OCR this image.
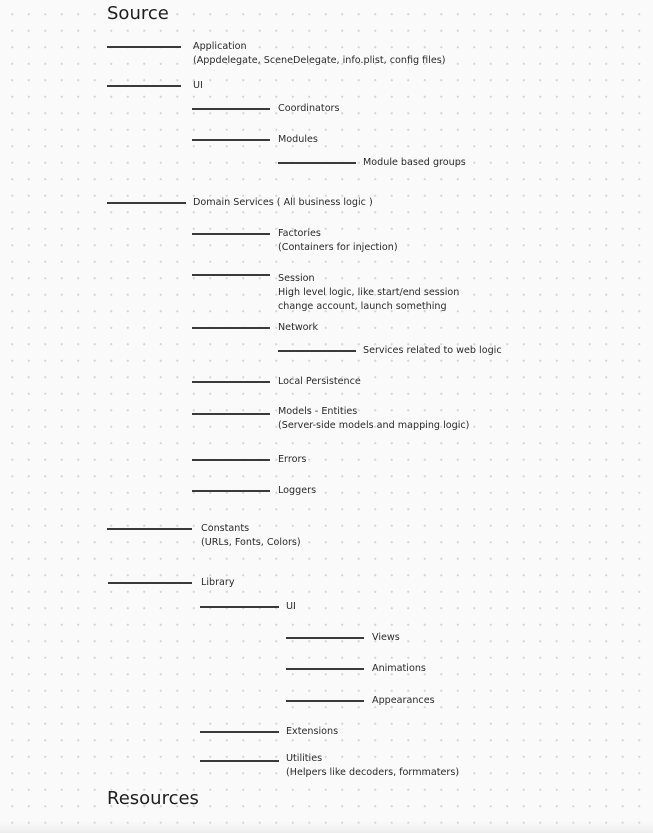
Source
Application
(Appdelegate, SceneDelegate, info.plist, config files)
UI
Coordinators
Modules
Module based groups
Domain Services ( All business logic )
Factories
(Containers for injection)
Session
High level logic, like start/end session
change account, launch something
Network
Services related to web logic
Local Persistence
Models - Entities
(Server-side models and mapping logic)
Errors
Loggers
Constants
(URLs, Fonts, Colors)
Library
UI
Views
Animations
Appearances
Extensions
Utilities
(Helpers like decoders, formmaters)
Resources
